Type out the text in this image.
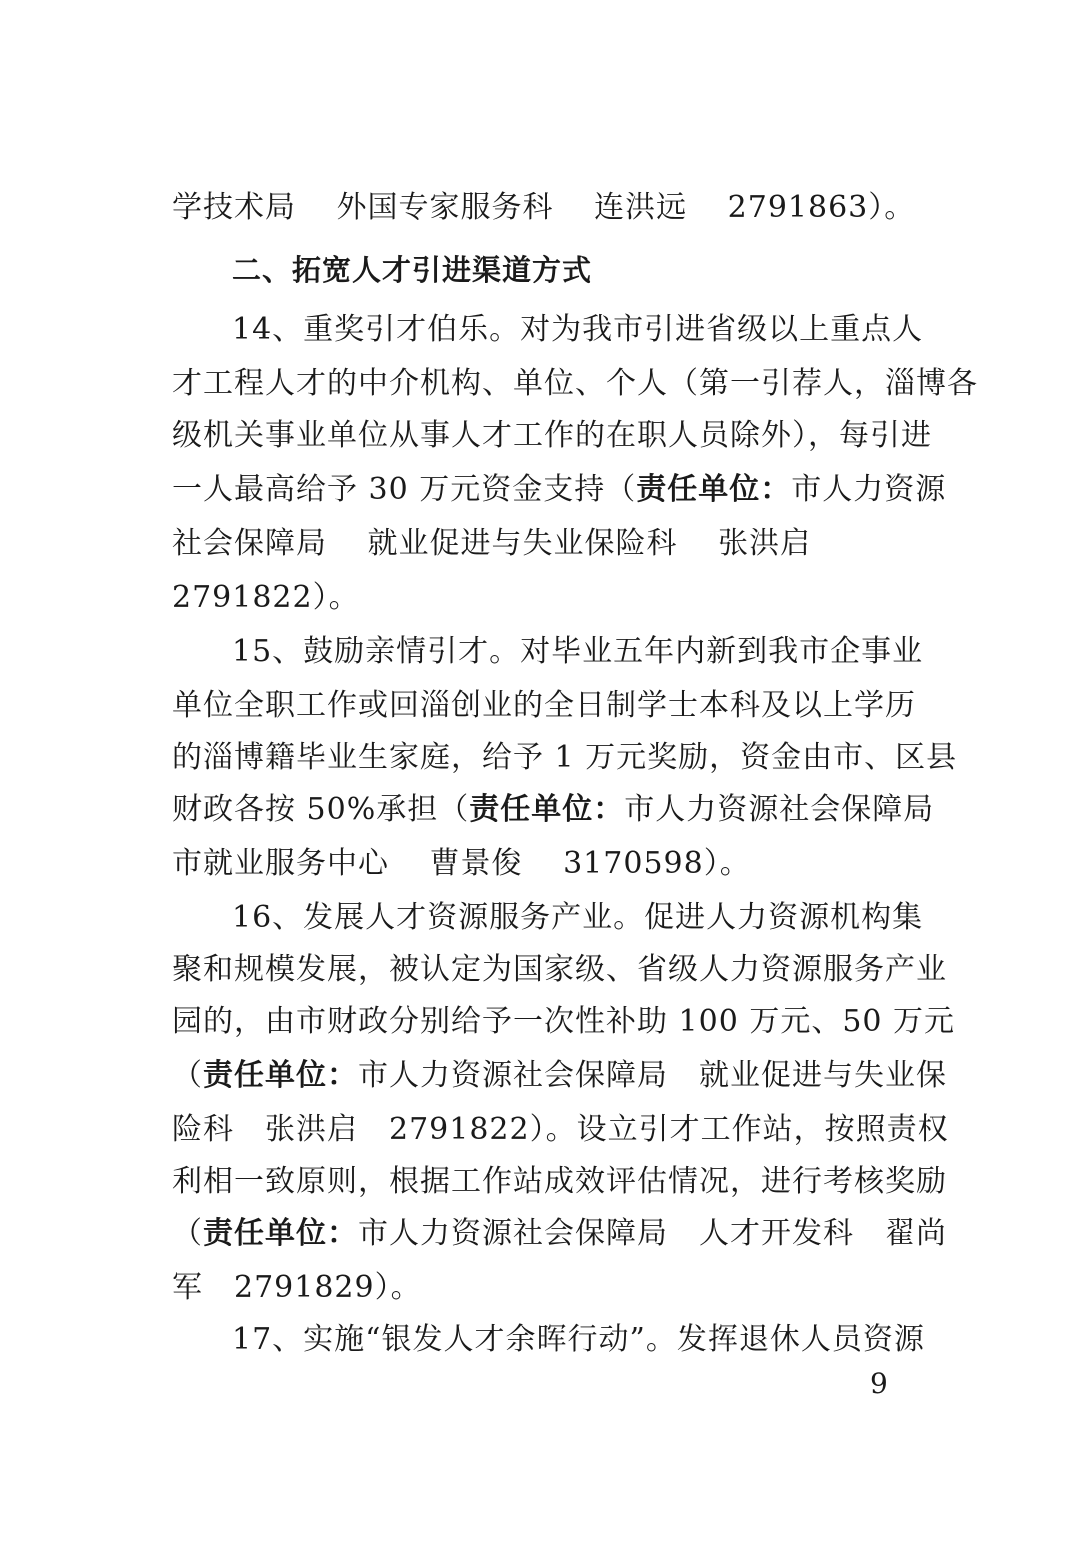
学技术局 外国专家服务科 连洪远 2791863）。
二、拓宽人才引进渠道方式
14、重奖引才伯乐。对为我市引进省级以上重点人
才工程人才的中介机构、单位、个人（第一引荐人，淄博各
级机关事业单位从事人才工作的在职人员除外），每引进
一人最高给予 30 万元资金支持（责任单位：市人力资源
社会保障局 就业促进与失业保险科 张洪启
2791822）。
15、鼓励亲情引才。对毕业五年内新到我市企事业
单位全职工作或回淄创业的全日制学士本科及以上学历
的淄博籍毕业生家庭，给予 1 万元奖励，资金由市、区县
财政各按 50%承担（责任单位：市人力资源社会保障局
市就业服务中心 曹景俊 3170598）。
16、发展人才资源服务产业。促进人力资源机构集
聚和规模发展，被认定为国家级、省级人力资源服务产业
园的，由市财政分别给予一次性补助 100 万元、50 万元
（责任单位：市人力资源社会保障局　就业促进与失业保
险科　张洪启　2791822）。设立引才工作站，按照责权
利相一致原则，根据工作站成效评估情况，进行考核奖励
（责任单位：市人力资源社会保障局　人才开发科　翟尚
军　2791829）。
17、实施“银发人才余晖行动”。发挥退休人员资源
9
